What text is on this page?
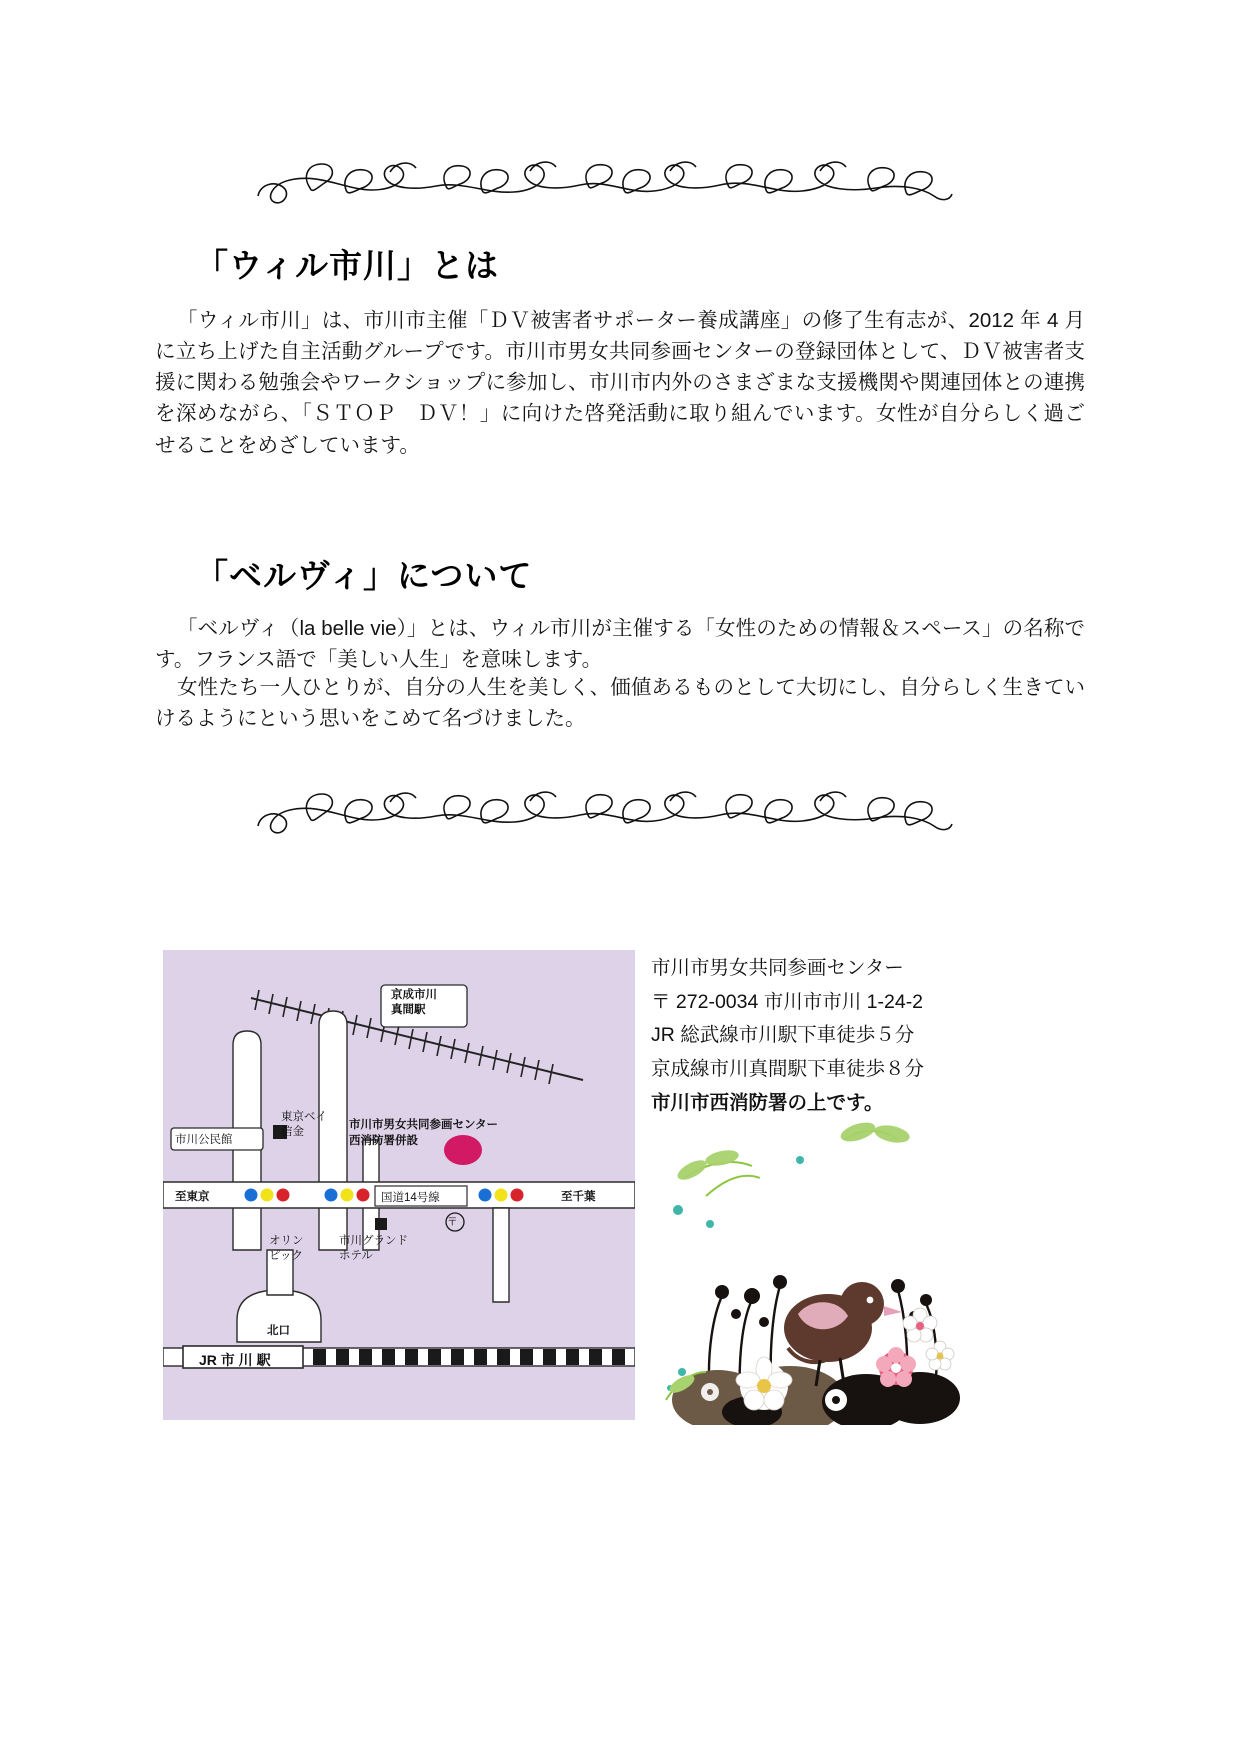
「ウィル市川」とは
「ウィル市川」は、市川市主催「ＤＶ被害者サポーター養成講座」の修了生有志が、2012 年 4 月に立ち上げた自主活動グループです。市川市男女共同参画センターの登録団体として、ＤＶ被害者支援に関わる勉強会やワークショップに参加し、市川市内外のさまざまな支援機関や関連団体との連携を深めながら、「ＳＴＯＰ　ＤＶ！」に向けた啓発活動に取り組んでいます。女性が自分らしく過ごせることをめざしています。
「ベルヴィ」について
「ベルヴィ（la belle vie）」とは、ウィル市川が主催する「女性のための情報＆スペース」の名称です。フランス語で「美しい人生」を意味します。
女性たち一人ひとりが、自分の人生を美しく、価値あるものとして大切にし、自分らしく生きていけるようにという思いをこめて名づけました。
京成市川
真間駅
東京ベイ
信金
市川市男女共同参画センター
西消防署併設
市川公民館
至東京	国道14号線	至千葉
〒
オリン
ピック
市川グランド
ホテル
北口
JR 市 川 駅
市川市男女共同参画センター
〒 272-0034 市川市市川 1-24-2
JR 総武線市川駅下車徒歩５分
京成線市川真間駅下車徒歩８分
市川市西消防署の上です。
